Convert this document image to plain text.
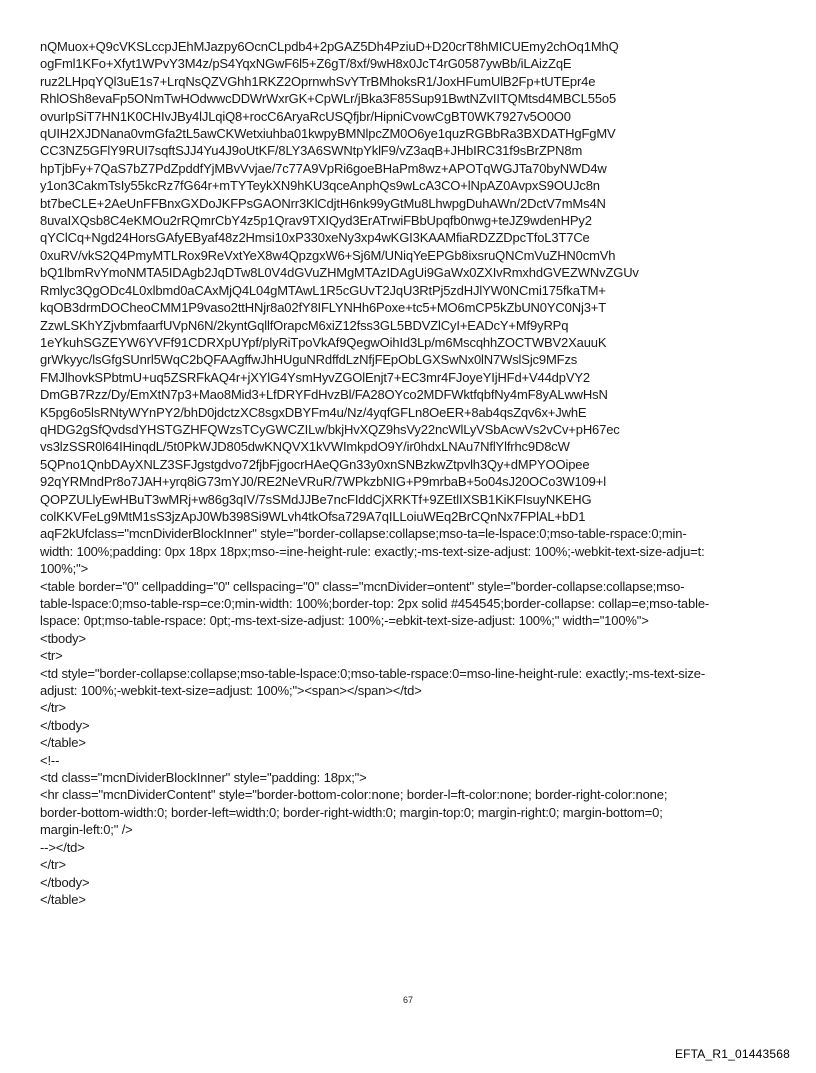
nQMuox+Q9cVKSLccpJEhMJazpy6OcnCLpdb4+2pGAZ5Dh4PziuD+D20crT8hMICUEmy2chOq1MhQ
ogFml1KFo+Xfyt1WPvY3M4z/pS4YqxNGwF6l5+Z6gT/8xf/9wH8x0JcT4rG0587ywBb/iLAizZqE
ruz2LHpqYQl3uE1s7+LrqNsQZVGhh1RKZ2OprnwhSvYTrBMhoksR1/JoxHFumUlB2Fp+tUTEpr4e
RhlOSh8evaFp5ONmTwHOdwwcDDWrWxrGK+CpWLr/jBka3F85Sup91BwtNZvIITQMtsd4MBCL55o5
ovurIpSiT7HN1K0CHIvJBy4lJLqiQ8+rocC6AryaRcUSQfjbr/HipniCvowCgBT0WK7927v5O0O0
qUIH2XJDNana0vmGfa2tL5awCKWetxiuhba01kwpyBMNlpcZM0O6ye1quzRGBbRa3BXDATHgFgMV
CC3NZ5GFlY9RUI7sqftSJJ4Yu4J9oUtKF/8LY3A6SWNtpYklF9/vZ3aqB+JHbIRC31f9sBrZPN8m
hpTjbFy+7QaS7bZ7PdZpddfYjMBvVvjae/7c77A9VpRi6goeBHaPm8wz+APOTqWGJTa70byNWD4w
y1on3CakmTsIy55kcRz7fG64r+mTYTeykXN9hKU3qceAnphQs9wLcA3CO+lNpAZ0AvpxS9OUJc8n
bt7beCLE+2AeUnFFBnxGXDoJKFPsGAONrr3KlCdjtH6nk99yGtMu8LhwpgDuhAWn/2DctV7mMs4N
8uvaIXQsb8C4eKMOu2rRQmrCbY4z5p1Qrav9TXIQyd3ErATrwiFBbUpqfb0nwg+teJZ9wdenHPy2
qYClCq+Ngd24HorsGAfyEByaf48z2Hmsi10xP330xeNy3xp4wKGI3KAAMfiaRDZZDpcTfoL3T7Ce
0xuRV/vkS2Q4PmyMTLRox9ReVxtYeX8w4QpzgxW6+Sj6M/UNiqYeEPGb8ixsruQNCmVuZHN0cmVh
bQ1lbmRvYmoNMTA5IDAgb2JqDTw8L0V4dGVuZHMgMTAzIDAgUi9GaWx0ZXIvRmxhdGVEZWNvZGUv
Rmlyc3QgODc4L0xlbmd0aCAxMjQ4L04gMTAwL1R5cGUvT2JqU3RtPj5zdHJlYW0NCmi175fkaTM+
kqOB3drmDOCheoCMM1P9vaso2ttHNjr8a02fY8IFLYNHh6Poxe+tc5+MO6mCP5kZbUN0YC0Nj3+T
ZzwLSKhYZjvbmfaarfUVpN6N/2kyntGqllfOrapcM6xiZ12fss3GL5BDVZlCyI+EADcY+Mf9yRPq
1eYkuhSGZEYW6YVFf91CDRXpUYpf/plyRiTpoVkAf9QegwOihId3Lp/m6MscqhhZOCTWBV2XauuK
grWkyyc/lsGfgSUnrl5WqC2bQFAAgffwJhHUguNRdffdLzNfjFEpObLGXSwNx0lN7WslSjc9MFzs
FMJlhovkSPbtmU+uq5ZSRFkAQ4r+jXYlG4YsmHyvZGOlEnjt7+EC3mr4FJoyeYIjHFd+V44dpVY2
DmGB7Rzz/Dy/EmXtN7p3+Mao8Mid3+LfDRYFdHvzBl/FA28OYco2MDFWktfqbfNy4mF8yALwwHsN
K5pg6o5lsRNtyWYnPY2/bhD0jdctzXC8sgxDBYFm4u/Nz/4yqfGFLn8OeER+8ab4qsZqv6x+JwhE
qHDG2gSfQvdsdYHSTGZHFQWzsTCyGWCZILw/bkjHvXQZ9hsVy22ncWlLyVSbAcwVs2vCv+pH67ec
vs3lzSSR0l64IHinqdL/5t0PkWJD805dwKNQVX1kVWImkpdO9Y/ir0hdxLNAu7NflYlfrhc9D8cW
5QPno1QnbDAyXNLZ3SFJgstgdvo72fjbFjgocrHAeQGn33y0xnSNBzkwZtpvlh3Qy+dMPYOOipee
92qYRMndPr8o7JAH+yrq8iG73mYJ0/RE2NeVRuR/7WPkzbNIG+P9mrbaB+5o04sJ20OCo3W109+l
QOPZULlyEwHBuT3wMRj+w86g3qIV/7sSMdJJBe7ncFIddCjXRKTf+9ZEtlIXSB1KiKFIsuyNKEHG
colKKVFeLg9MtM1sS3jzApJ0Wb398Si9WLvh4tkOfsa729A7qILLoiuWEq2BrCQnNx7FPlAL+bD1
aqF2kUfclass="mcnDividerBlockInner" style="border-collapse:collapse;mso-ta=le-lspace:0;mso-table-rspace:0;min-
width: 100%;padding: 0px 18px 18px;mso-=ine-height-rule: exactly;-ms-text-size-adjust: 100%;-webkit-text-size-adju=t:
100%;">
<table border="0" cellpadding="0" cellspacing="0" class="mcnDivider=ontent" style="border-collapse:collapse;mso-
table-lspace:0;mso-table-rsp=ce:0;min-width: 100%;border-top: 2px solid #454545;border-collapse: collap=e;mso-table-
lspace: 0pt;mso-table-rspace: 0pt;-ms-text-size-adjust: 100%;-=ebkit-text-size-adjust: 100%;" width="100%">
<tbody>
<tr>
<td style="border-collapse:collapse;mso-table-lspace:0;mso-table-rspace:0=mso-line-height-rule: exactly;-ms-text-size-
adjust: 100%;-webkit-text-size=adjust: 100%;"><span></span></td>
</tr>
</tbody>
</table>
<!--
<td class="mcnDividerBlockInner" style="padding: 18px;">
<hr class="mcnDividerContent" style="border-bottom-color:none; border-l=ft-color:none; border-right-color:none;
border-bottom-width:0; border-left=width:0; border-right-width:0; margin-top:0; margin-right:0; margin-bottom=0;
margin-left:0;" />
--></td>
</tr>
</tbody>
</table>
67
EFTA_R1_01443568
